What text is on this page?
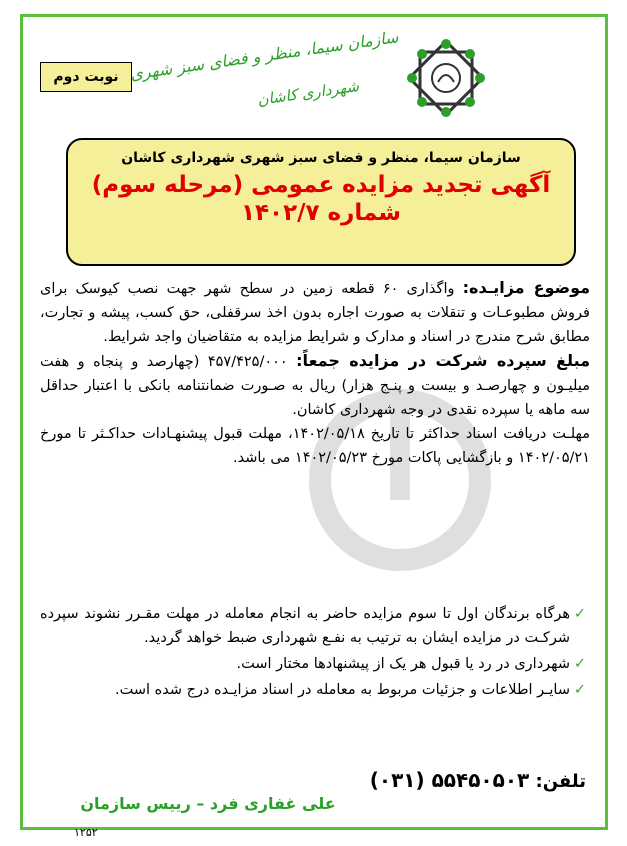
نوبت دوم سازمان سیما، منظر و فضای سبز شهری
شهرداری کاشان
سازمان سیما، منظر و فضای سبز شهری شهرداری کاشان
آگهی تجدید مزایده عمومی (مرحله سوم)
شماره ۱۴۰۲/۷

موضوع مزایـده: واگذاری ۶۰ قطعه زمین در سطح شهر جهت نصب کیوسک برای فروش مطبوعـات و تنقلات به صورت اجاره بدون اخذ سرقفلی، حق کسب، پیشه و تجارت، مطابق شرح مندرج در اسناد و مدارک و شرایط مزایده به متقاضیان واجد شرایط.

مبلغ سپرده شرکت در مزایده جمعاً: ۴۵۷/۴۲۵/۰۰۰ (چهارصد و پنجاه و هفت میلیـون و چهارصـد و بیست و پنـج هزار) ریال به صـورت ضمانتنامه بانکی با اعتبار حداقل سه ماهه یا سپرده نقدی در وجه شهرداری کاشان.

مهلـت دریافت اسناد حداکثر تا تاریخ ۱۴۰۲/۰۵/۱۸، مهلت قبول پیشنهـادات حداکـثر تا مورخ ۱۴۰۲/۰۵/۲۱ و بازگشایی پاکات مورخ ۱۴۰۲/۰۵/۲۳ می باشد.

✓
هرگاه برندگان اول تا سوم مزایده حاضر به انجام معامله در مهلت مقـرر نشوند سپرده شرکـت در مزایده ایشان به ترتیب به نفـع شهرداری ضبط خواهد گردید.
✓
شهرداری در رد یا قبول هر یک از پیشنهادها مختار است.
✓
سایـر اطلاعات و جزئیات مربوط به معامله در اسناد مزایـده درج شده است.
تلفن: ۵۵۴۵۰۵۰۳ (۰۳۱)
علی غفاری فرد – رییس سازمان
۱۲۵۲
